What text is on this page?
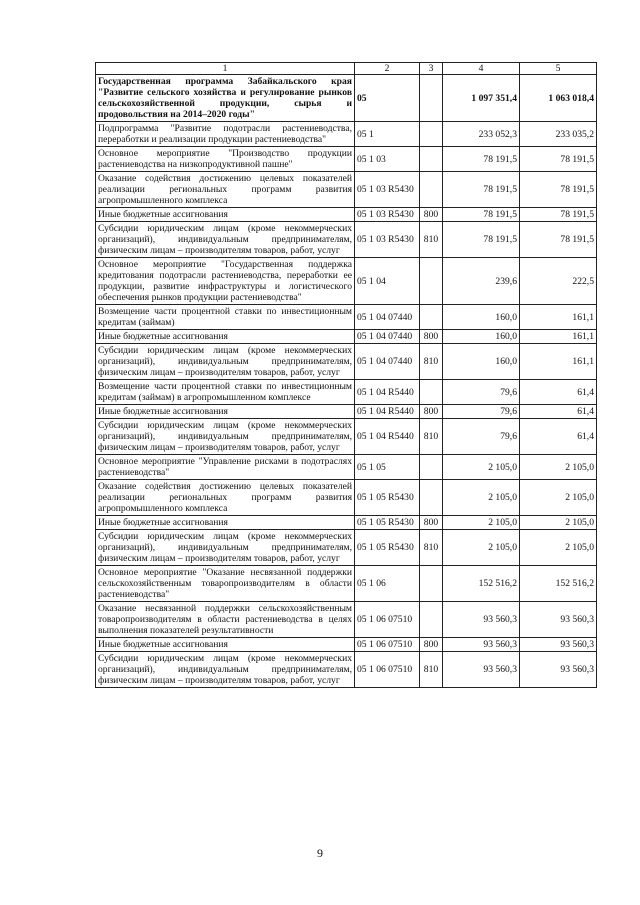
1	2	3	4	5
Государственная программа Забайкальского края "Развитие сельского хозяйства и регулирование рынков сельскохозяйственной продукции, сырья и продовольствия на 2014–2020 годы"	05		1 097 351,4	1 063 018,4
Подпрограмма "Развитие подотрасли растениеводства, переработки и реализации продукции растениеводства"	05 1		233 052,3	233 035,2
Основное мероприятие "Производство продукции растениеводства на низкопродуктивной пашне"	05 1 03		78 191,5	78 191,5
Оказание содействия достижению целевых показателей реализации региональных программ развития агропромышленного комплекса	05 1 03 R5430		78 191,5	78 191,5
Иные бюджетные ассигнования	05 1 03 R5430	800	78 191,5	78 191,5
Субсидии юридическим лицам (кроме некоммерческих организаций), индивидуальным предпринимателям, физическим лицам – производителям товаров, работ, услуг	05 1 03 R5430	810	78 191,5	78 191,5
Основное мероприятие "Государственная поддержка кредитования подотрасли растениеводства, переработки ее продукции, развитие инфраструктуры и логистического обеспечения рынков продукции растениеводства"	05 1 04		239,6	222,5
Возмещение части процентной ставки по инвестиционным кредитам (займам)	05 1 04 07440		160,0	161,1
Иные бюджетные ассигнования	05 1 04 07440	800	160,0	161,1
Субсидии юридическим лицам (кроме некоммерческих организаций), индивидуальным предпринимателям, физическим лицам – производителям товаров, работ, услуг	05 1 04 07440	810	160,0	161,1
Возмещение части процентной ставки по инвестиционным кредитам (займам) в агропромышленном комплексе	05 1 04 R5440		79,6	61,4
Иные бюджетные ассигнования	05 1 04 R5440	800	79,6	61,4
Субсидии юридическим лицам (кроме некоммерческих организаций), индивидуальным предпринимателям, физическим лицам – производителям товаров, работ, услуг	05 1 04 R5440	810	79,6	61,4
Основное мероприятие "Управление рисками в подотраслях растениеводства"	05 1 05		2 105,0	2 105,0
Оказание содействия достижению целевых показателей реализации региональных программ развития агропромышленного комплекса	05 1 05 R5430		2 105,0	2 105,0
Иные бюджетные ассигнования	05 1 05 R5430	800	2 105,0	2 105,0
Субсидии юридическим лицам (кроме некоммерческих организаций), индивидуальным предпринимателям, физическим лицам – производителям товаров, работ, услуг	05 1 05 R5430	810	2 105,0	2 105,0
Основное мероприятие "Оказание несвязанной поддержки сельскохозяйственным товаропроизводителям в области растениеводства"	05 1 06		152 516,2	152 516,2
Оказание несвязанной поддержки сельскохозяйственным товаропроизводителям в области растениеводства в целях выполнения показателей результативности	05 1 06 07510		93 560,3	93 560,3
Иные бюджетные ассигнования	05 1 06 07510	800	93 560,3	93 560,3
Субсидии юридическим лицам (кроме некоммерческих организаций), индивидуальным предпринимателям, физическим лицам – производителям товаров, работ, услуг	05 1 06 07510	810	93 560,3	93 560,3
9
